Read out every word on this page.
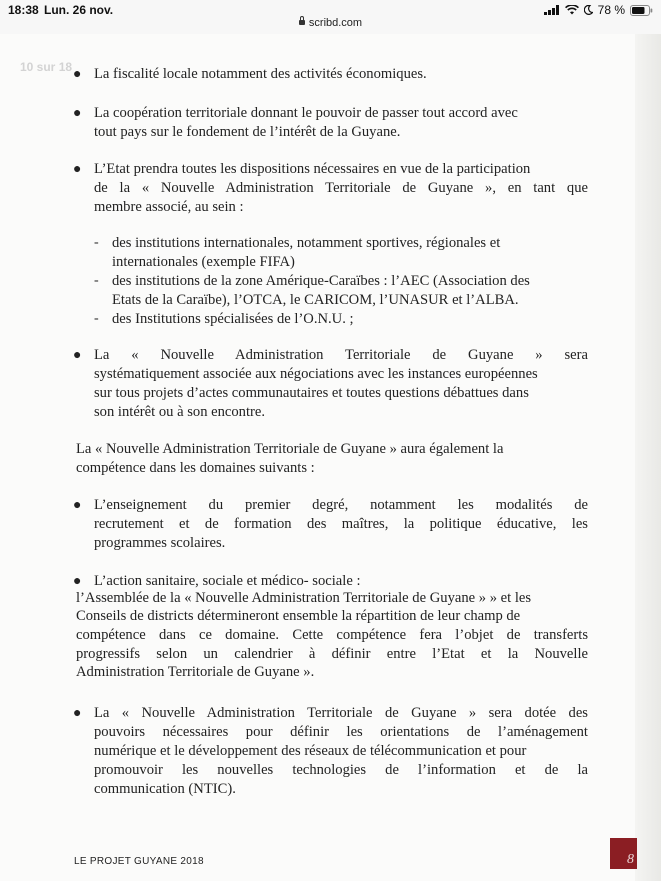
18:38 Lun. 26 nov.
scribd.com
78 %
10 sur 18 ● La fiscalité locale notamment des activités économiques.
● La coopération territoriale donnant le pouvoir de passer tout accord avec
tout pays sur le fondement de l’intérêt de la Guyane.
● L’Etat prendra toutes les dispositions nécessaires en vue de la participation
de la « Nouvelle Administration Territoriale de Guyane », en tant que
membre associé, au sein :
- des institutions internationales, notamment sportives, régionales et
internationales (exemple FIFA)
- des institutions de la zone Amérique-Caraïbes : l’AEC (Association des
Etats de la Caraïbe), l’OTCA, le CARICOM, l’UNASUR et l’ALBA.
- des Institutions spécialisées de l’O.N.U. ;
● La « Nouvelle Administration Territoriale de Guyane » sera
systématiquement associée aux négociations avec les instances européennes
sur tous projets d’actes communautaires et toutes questions débattues dans
son intérêt ou à son encontre.
La « Nouvelle Administration Territoriale de Guyane » aura également la
compétence dans les domaines suivants :
● L’enseignement du premier degré, notamment les modalités de
recrutement et de formation des maîtres, la politique éducative, les
programmes scolaires.
● L’action sanitaire, sociale et médico- sociale :
l’Assemblée de la « Nouvelle Administration Territoriale de Guyane » » et les
Conseils de districts détermineront ensemble la répartition de leur champ de
compétence dans ce domaine. Cette compétence fera l’objet de transferts
progressifs selon un calendrier à définir entre l’Etat et la Nouvelle
Administration Territoriale de Guyane ».
● La « Nouvelle Administration Territoriale de Guyane » sera dotée des
pouvoirs nécessaires pour définir les orientations de l’aménagement
numérique et le développement des réseaux de télécommunication et pour
promouvoir les nouvelles technologies de l’information et de la
communication (NTIC).
LE PROJET GUYANE 2018	8
